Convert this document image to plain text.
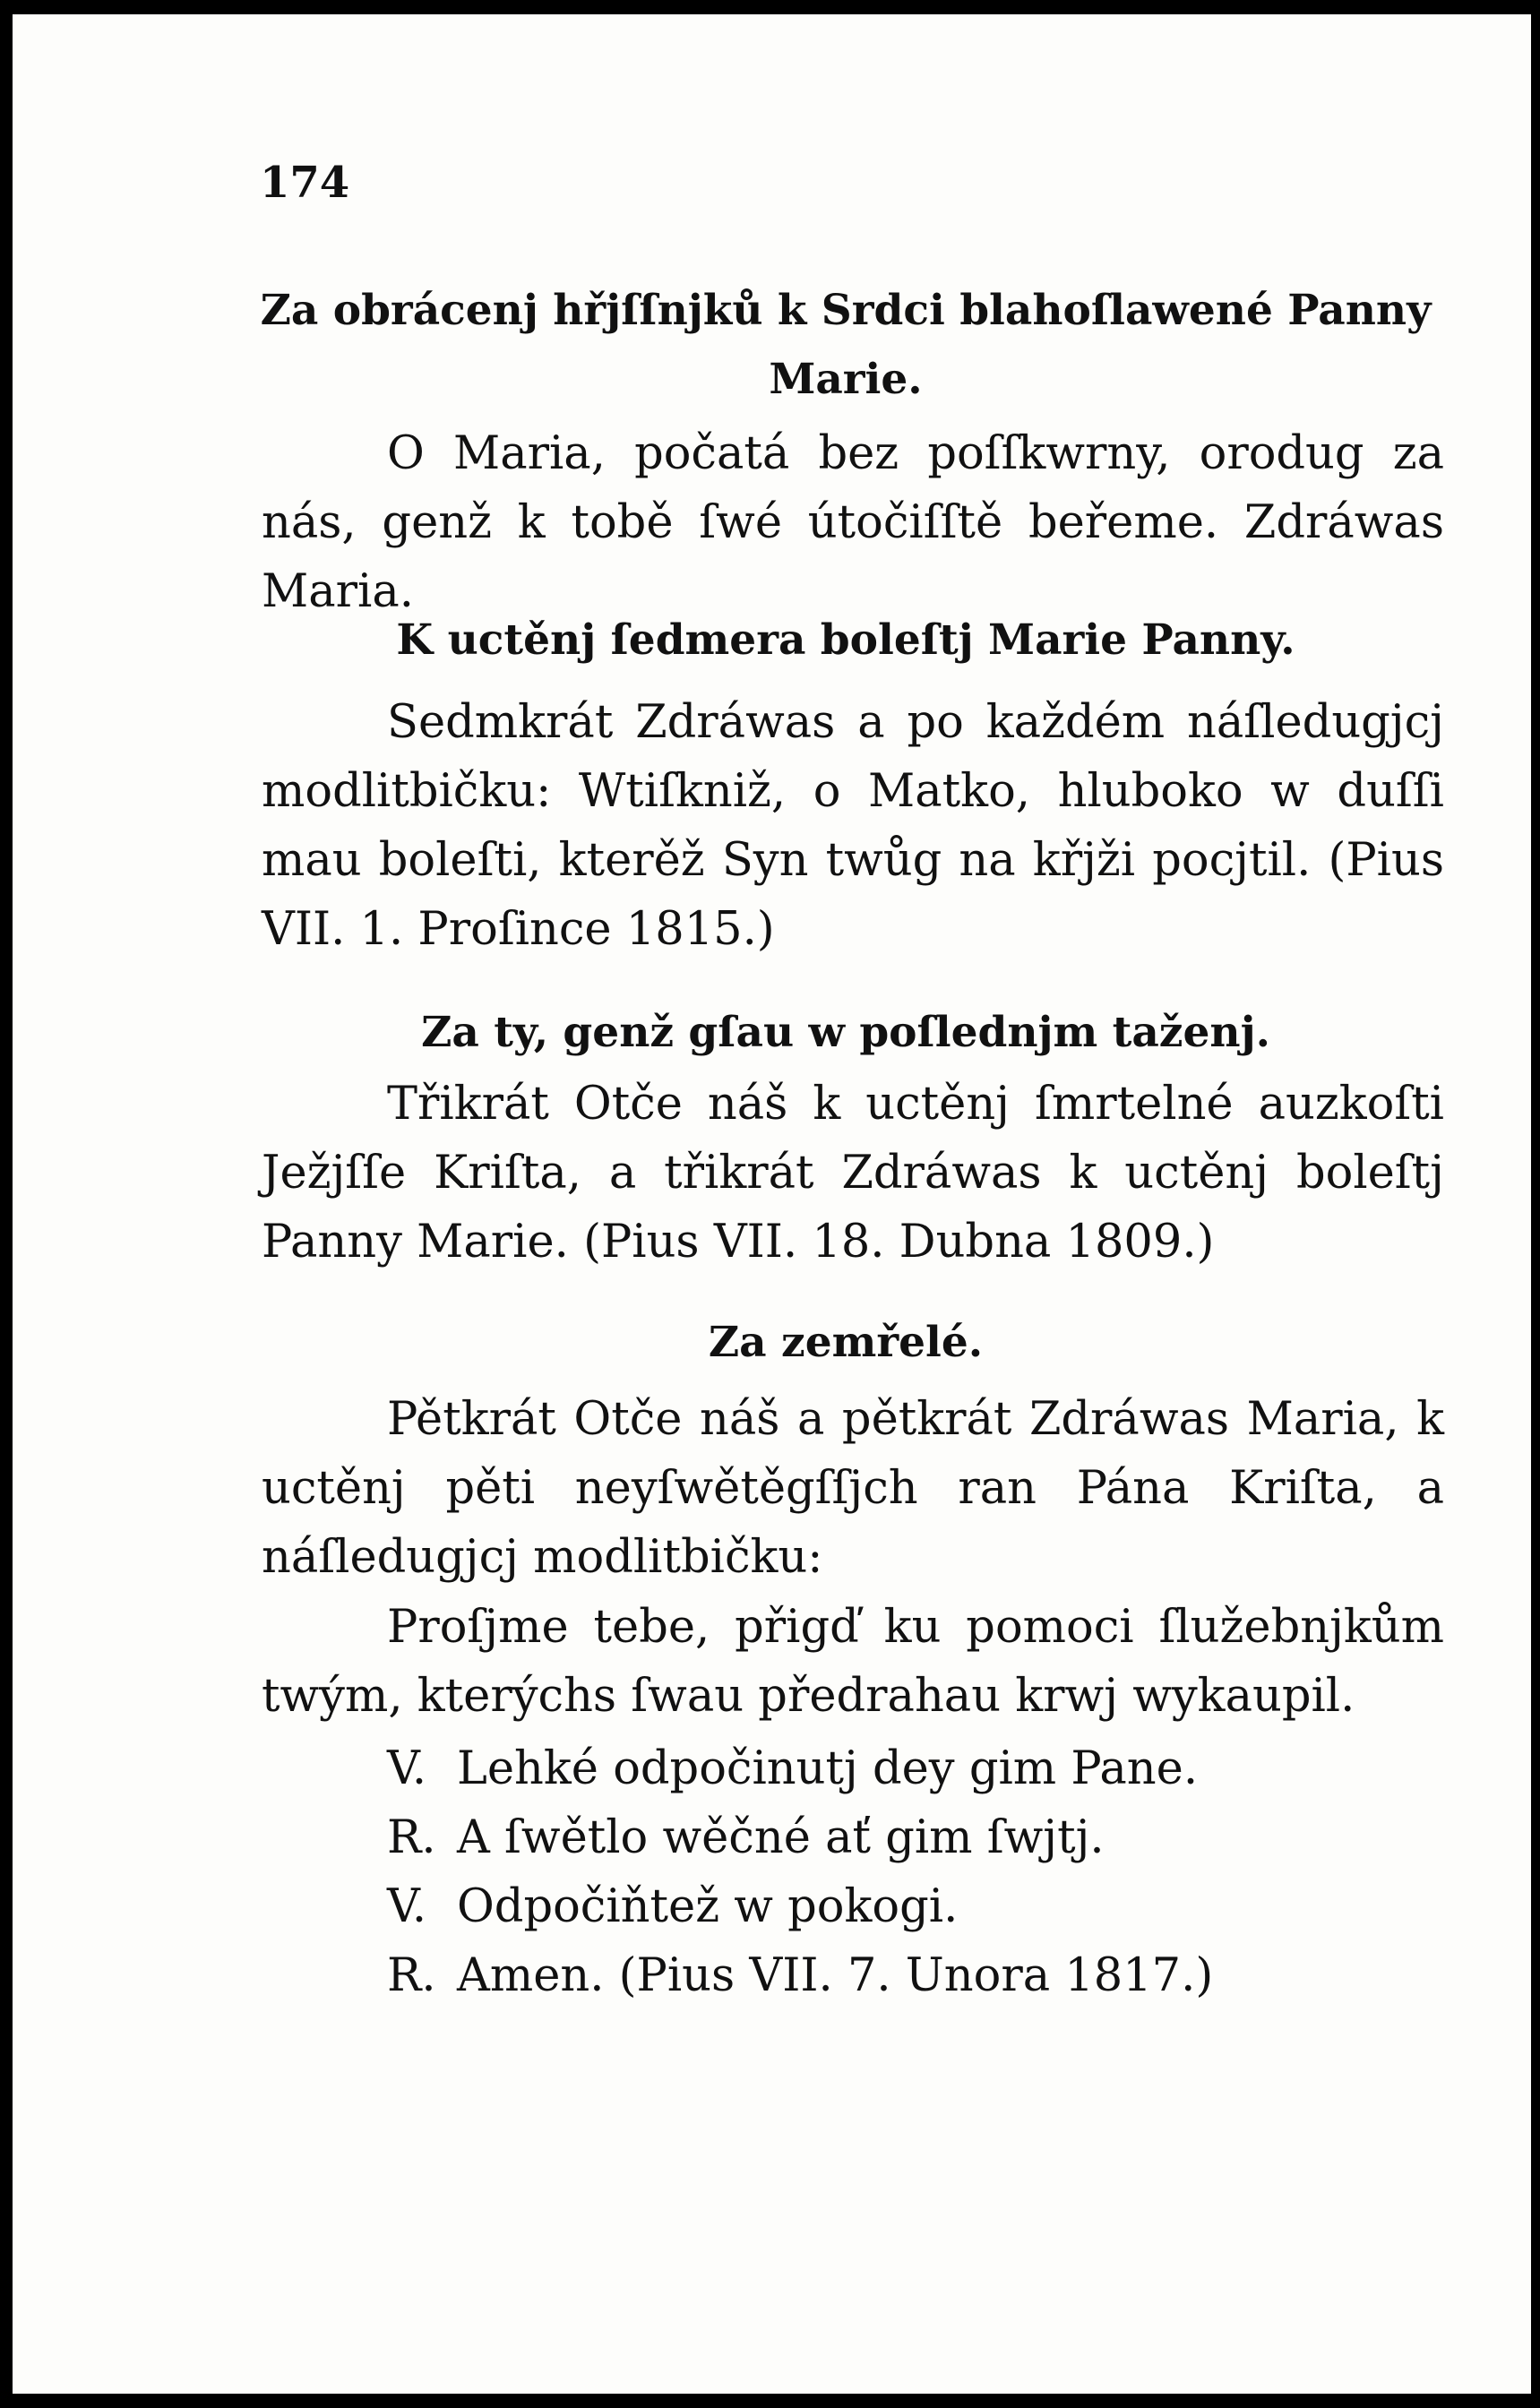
174

Za obrácenj hřjſſnjků k Srdci blahoſlawené Panny Marie.

O Maria, počatá bez poſſkwrny, orodug za nás, genž k tobě ſwé útočiſſtě beřeme. Zdráwas Maria.

K uctěnj ſedmera boleſtj Marie Panny.

Sedmkrát Zdráwas a po každém náſledugjcj modlitbičku: Wtiſkniž, o Matko, hluboko w duſſi mau boleſti, kterěž Syn twůg na křjži pocjtil. (Pius VII. 1. Proſince 1815.)

Za ty, genž gſau w poſlednjm taženj.

Třikrát Otče náš k uctěnj ſmrtelné auzkoſti Ježjſſe Kriſta, a třikrát Zdráwas k uctěnj boleſtj Panny Marie. (Pius VII. 18. Dubna 1809.)

Za zemřelé.

Pětkrát Otče náš a pětkrát Zdráwas Maria, k uctěnj pěti neyſwětěgſſjch ran Pána Kriſta, a náſledugjcj modlitbičku:

Proſjme tebe, přigď ku pomoci ſlužebnjkům twým, kterýchs ſwau předrahau krwj wykaupil.

V. Lehké odpočinutj dey gim Pane.

R. A ſwětlo wěčné ať gim ſwjtj.

V. Odpočiňtež w pokogi.

R. Amen. (Pius VII. 7. Unora 1817.)
